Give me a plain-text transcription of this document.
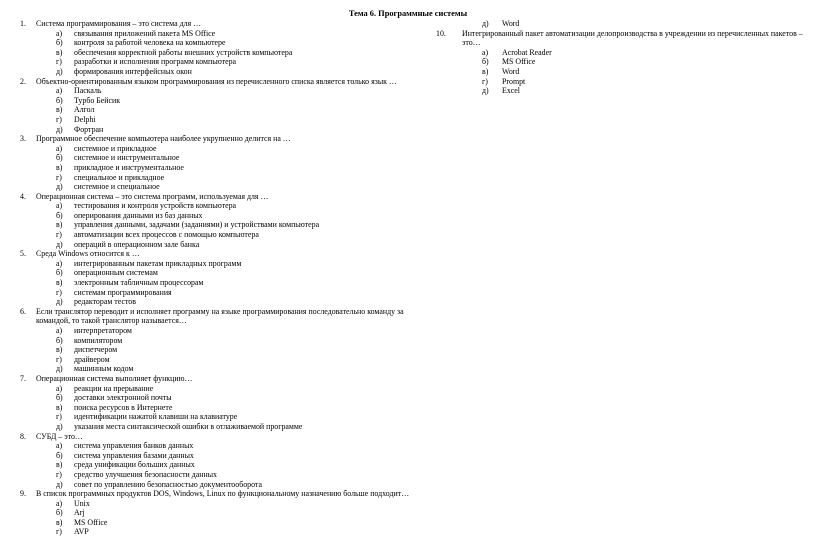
Тема 6. Программные системы
1. Система программирования – это система для …
а) связывания приложений пакета MS Office
б) контроля за работой человека на компьютере
в) обеспечения корректной работы внешних устройств компьютера
г) разработки и исполнения программ компьютера
д) формирования интерфейсных окон
2. Объектно-ориентированным языком программирования из перечисленного списка является только язык …
а) Паскаль
б) Турбо Бейсик
в) Алгол
г) Delphi
д) Фортран
3. Программное обеспечение компьютера наиболее укрупненно делится на …
а) системное и прикладное
б) системное и инструментальное
в) прикладное и инструментальное
г) специальное и прикладное
д) системное и специальное
4. Операционная система – это система программ, используемая для …
а) тестирования и контроля устройств компьютера
б) оперирования данными из баз данных
в) управления данными, задачами (заданиями) и устройствами компьютера
г) автоматизации всех процессов с помощью компьютера
д) операций в операционном зале банка
5. Среда Windows относится к …
а) интегрированным пакетам прикладных программ
б) операционным системам
в) электронным табличным процессорам
г) системам программирования
д) редакторам тестов
6. Если транслятор переводит и исполняет программу на языке программирования последовательно команду за командой, то такой транслятор называется…
а) интерпретатором
б) компилятором
в) диспетчером
г) драйвером
д) машинным кодом
7. Операционная система выполняет функцию…
а) реакции на прерывание
б) доставки электронной почты
в) поиска ресурсов в Интернете
г) идентификации нажатой клавиши на клавиатуре
д) указания места синтаксической ошибки в отлаживаемой программе
8. СУБД – это…
а) система управления банков данных
б) система управления базами данных
в) среда унификации больших данных
г) средство улучшения безопасности данных
д) совет по управлению безопасностью документооборота
9. В список программных продуктов DOS, Windows, Linux по функциональному назначению больше подходит…
а) Unix
б) Arj
в) MS Office
г) AVP
д) Word
10. Интегрированный пакет автоматизации делопроизводства в учреждении из перечисленных пакетов – это…
а) Acrobat Reader
б) MS Office
в) Word
г) Prompt
д) Excel
